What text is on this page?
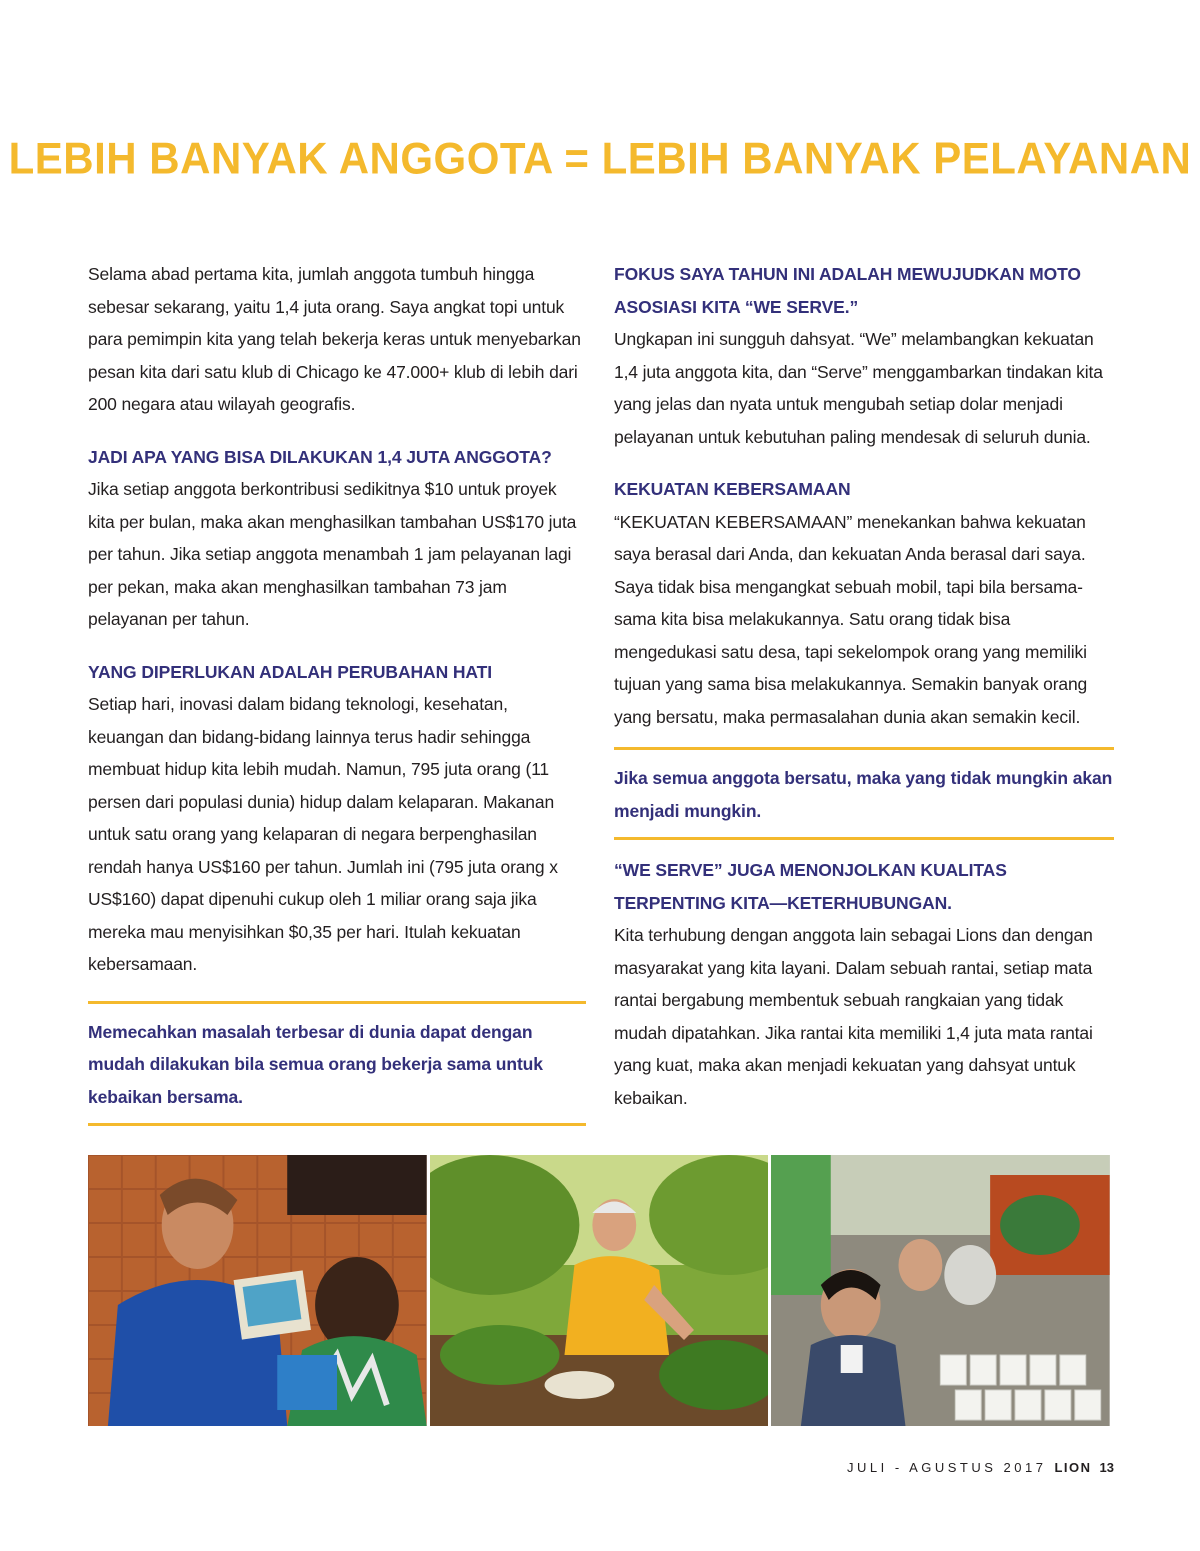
LEBIH BANYAK ANGGOTA = LEBIH BANYAK PELAYANAN

Selama abad pertama kita, jumlah anggota tumbuh hingga sebesar sekarang, yaitu 1,4 juta orang. Saya angkat topi untuk para pemimpin kita yang telah bekerja keras untuk menyebarkan pesan kita dari satu klub di Chicago ke 47.000+ klub di lebih dari 200 negara atau wilayah geografis.

JADI APA YANG BISA DILAKUKAN 1,4 JUTA ANGGOTA?

Jika setiap anggota berkontribusi sedikitnya $10 untuk proyek kita per bulan, maka akan menghasilkan tambahan US$170 juta per tahun. Jika setiap anggota menambah 1 jam pelayanan lagi per pekan, maka akan menghasilkan tambahan 73 jam pelayanan per tahun.

YANG DIPERLUKAN ADALAH PERUBAHAN HATI

Setiap hari, inovasi dalam bidang teknologi, kesehatan, keuangan dan bidang-bidang lainnya terus hadir sehingga membuat hidup kita lebih mudah. Namun, 795 juta orang (11 persen dari populasi dunia) hidup dalam kelaparan. Makanan untuk satu orang yang kelaparan di negara berpenghasilan rendah hanya US$160 per tahun. Jumlah ini (795 juta orang x US$160) dapat dipenuhi cukup oleh 1 miliar orang saja jika mereka mau menyisihkan $0,35 per hari. Itulah kekuatan kebersamaan.

Memecahkan masalah terbesar di dunia dapat dengan mudah dilakukan bila semua orang bekerja sama untuk kebaikan bersama.

FOKUS SAYA TAHUN INI ADALAH MEWUJUDKAN MOTO ASOSIASI KITA “WE SERVE.”

Ungkapan ini sungguh dahsyat. “We” melambangkan kekuatan 1,4 juta anggota kita, dan “Serve” menggambarkan tindakan kita yang jelas dan nyata untuk mengubah setiap dolar menjadi pelayanan untuk kebutuhan paling mendesak di seluruh dunia.

KEKUATAN KEBERSAMAAN

“KEKUATAN KEBERSAMAAN” menekankan bahwa kekuatan saya berasal dari Anda, dan kekuatan Anda berasal dari saya. Saya tidak bisa mengangkat sebuah mobil, tapi bila bersama-sama kita bisa melakukannya. Satu orang tidak bisa mengedukasi satu desa, tapi sekelompok orang yang memiliki tujuan yang sama bisa melakukannya. Semakin banyak orang yang bersatu, maka permasalahan dunia akan semakin kecil.

Jika semua anggota bersatu, maka yang tidak mungkin akan menjadi mungkin.

“WE SERVE” JUGA MENONJOLKAN KUALITAS TERPENTING KITA—KETERHUBUNGAN.

Kita terhubung dengan anggota lain sebagai Lions dan dengan masyarakat yang kita layani. Dalam sebuah rantai, setiap mata rantai bergabung membentuk sebuah rangkaian yang tidak mudah dipatahkan. Jika rantai kita memiliki 1,4 juta mata rantai yang kuat, maka akan menjadi kekuatan yang dahsyat untuk kebaikan.

JULI - AGUSTUS 2017 LION 13
